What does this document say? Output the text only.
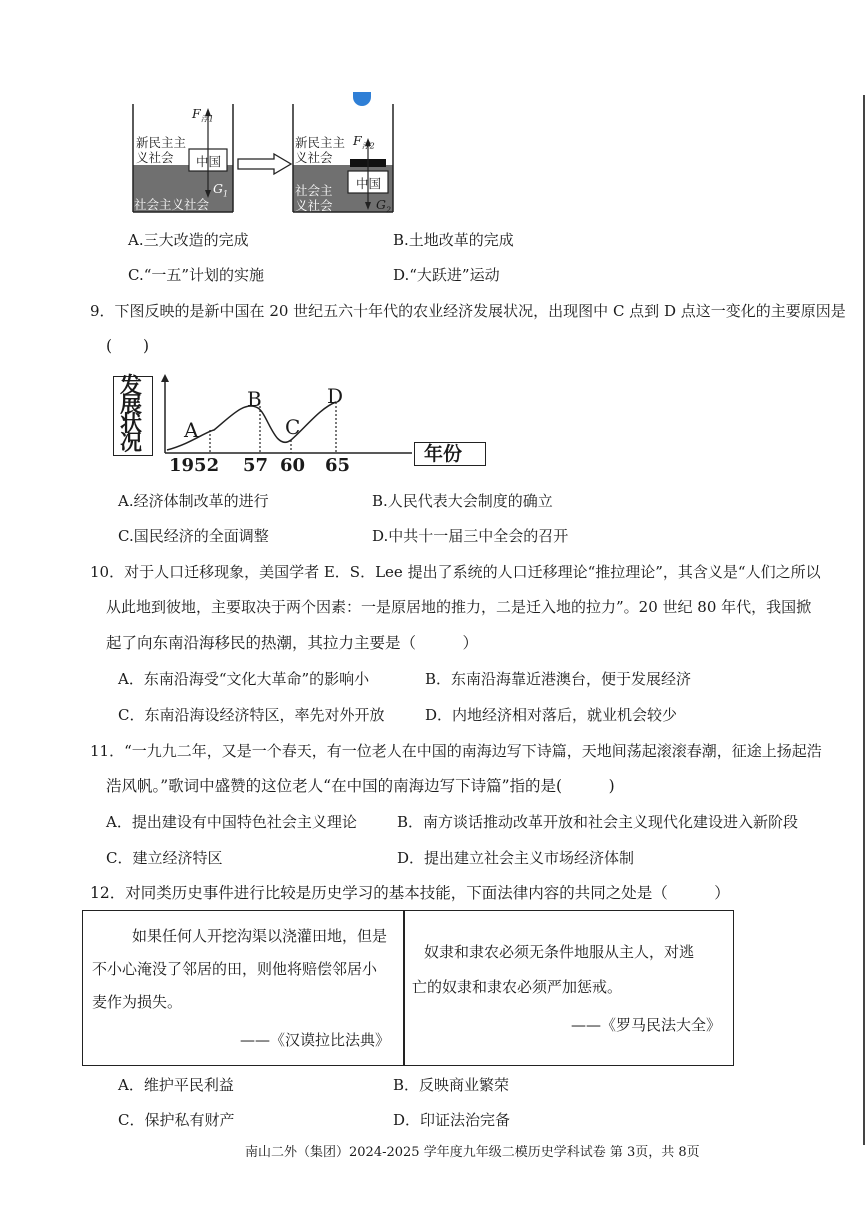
$F_{浮1}$
新民主主
义社会 中国
$G_1$
社会主义社会
新民主主
义社会
$F_{浮2}$
中国
社会主
义社会	$G_2$
A.三大改造的完成	B.土地改革的完成
C.“一五”计划的实施	D.“大跃进”运动
9．下图反映的是新中国在 20 世纪五六十年代的农业经济发展状况，出现图中 C 点到 D 点这一变化的主要原因是
(　　)
发
展
状
况 A
B
C
D
1952 57 60 65
年份
A.经济体制改革的进行	B.人民代表大会制度的确立
C.国民经济的全面调整	D.中共十一届三中全会的召开
10．对于人口迁移现象，美国学者 E．S．Lee 提出了系统的人口迁移理论“推拉理论”，其含义是“人们之所以
从此地到彼地，主要取决于两个因素：一是原居地的推力，二是迁入地的拉力”。20 世纪 80 年代，我国掀
起了向东南沿海移民的热潮，其拉力主要是（　　　）
A．东南沿海受“文化大革命”的影响小	B．东南沿海靠近港澳台，便于发展经济
C．东南沿海设经济特区，率先对外开放	D．内地经济相对落后，就业机会较少
11．“一九九二年，又是一个春天，有一位老人在中国的南海边写下诗篇，天地间荡起滚滚春潮，征途上扬起浩
浩风帆。”歌词中盛赞的这位老人“在中国的南海边写下诗篇”指的是(　　　)
A．提出建设有中国特色社会主义理论	B．南方谈话推动改革开放和社会主义现代化建设进入新阶段
C．建立经济特区	D．提出建立社会主义市场经济体制
12．对同类历史事件进行比较是历史学习的基本技能，下面法律内容的共同之处是（　　　）
如果任何人开挖沟渠以浇灌田地，但是
不小心淹没了邻居的田，则他将赔偿邻居小
麦作为损失。
——《汉谟拉比法典》
奴隶和隶农必须无条件地服从主人，对逃
亡的奴隶和隶农必须严加惩戒。
——《罗马民法大全》
A．维护平民利益	B．反映商业繁荣
C．保护私有财产	D．印证法治完备
南山二外（集团）2024-2025 学年度九年级二模历史学科试卷 第 3页，共 8页
